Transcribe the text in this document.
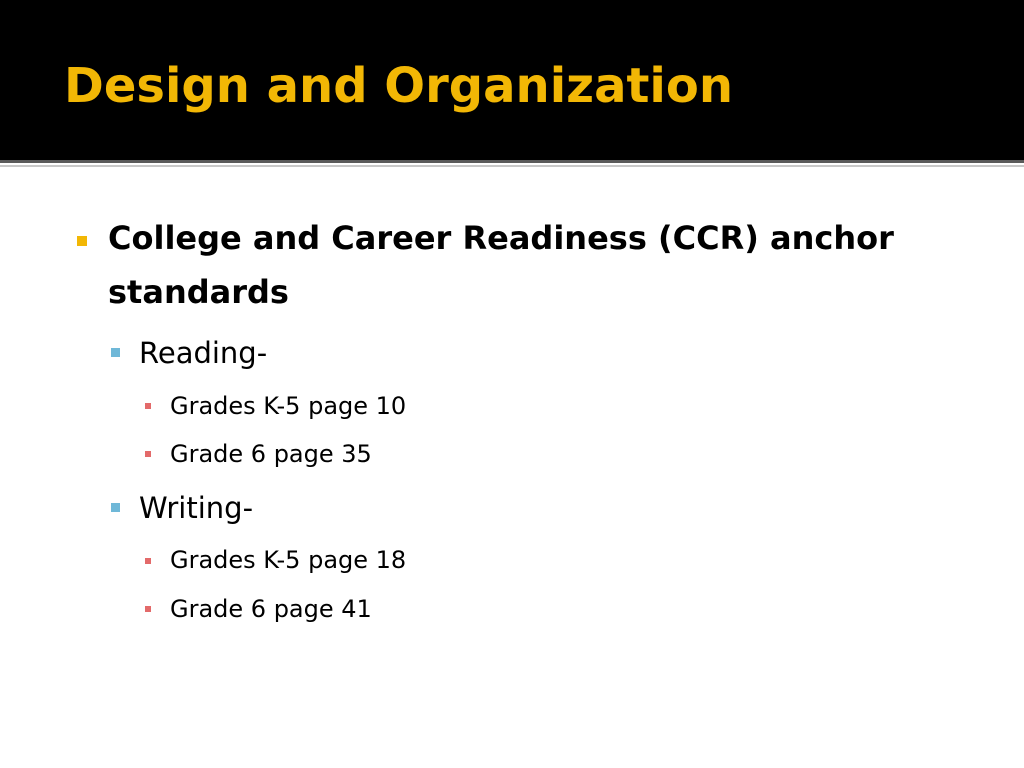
Design and Organization

College and Career Readiness (CCR) anchor

standards

Reading-

Grades K-5 page 10

Grade 6 page 35

Writing-

Grades K-5 page 18

Grade 6 page 41
